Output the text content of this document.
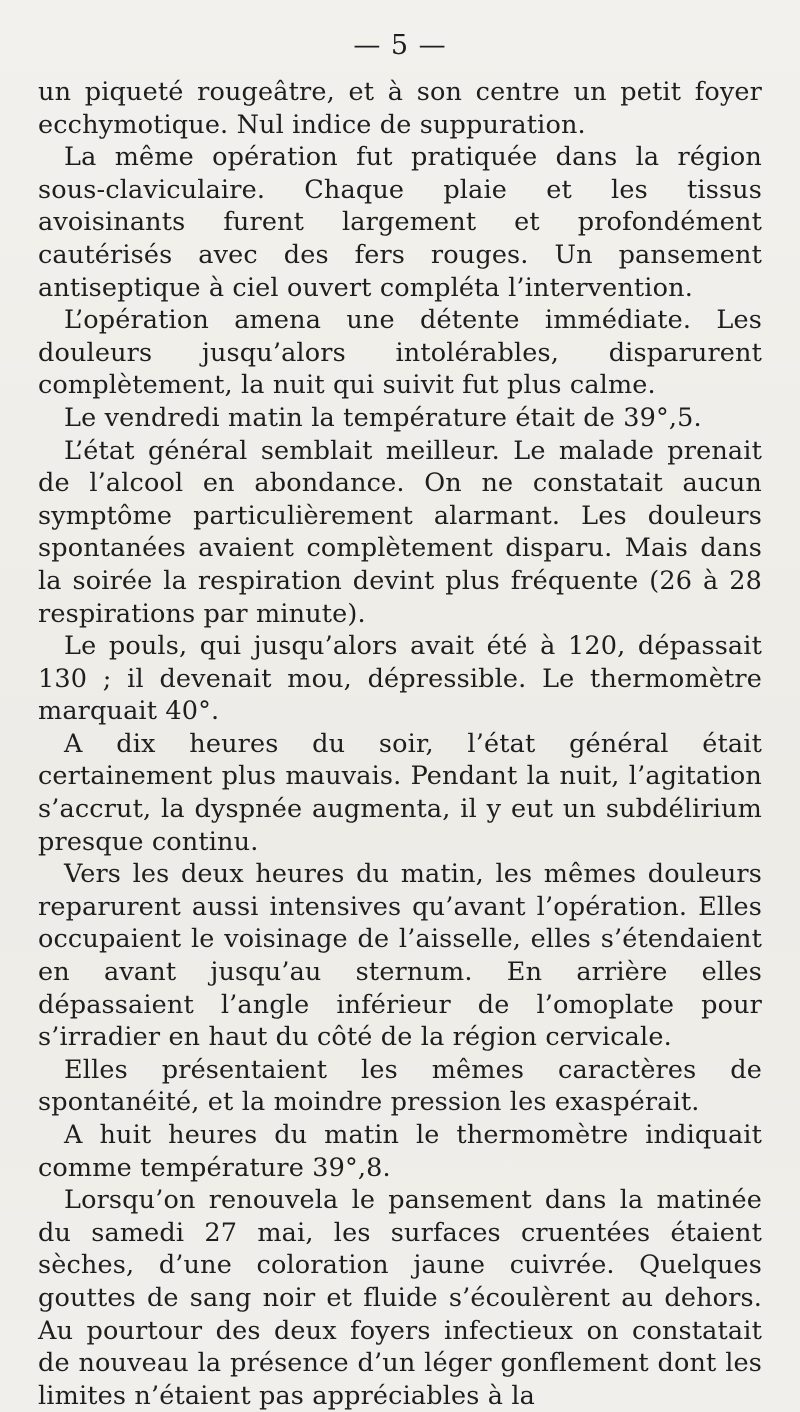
— 5 —

un piqueté rougeâtre, et à son centre un petit foyer ecchymotique. Nul indice de suppuration.

La même opération fut pratiquée dans la région sous-claviculaire. Chaque plaie et les tissus avoisinants furent largement et profondément cautérisés avec des fers rouges. Un pansement antiseptique à ciel ouvert compléta l’intervention.

L’opération amena une détente immédiate. Les douleurs jusqu’alors intolérables, disparurent complètement, la nuit qui suivit fut plus calme.

Le vendredi matin la température était de 39°,5.

L’état général semblait meilleur. Le malade prenait de l’alcool en abondance. On ne constatait aucun symptôme particulièrement alarmant. Les douleurs spontanées avaient complètement disparu. Mais dans la soirée la respiration devint plus fréquente (26 à 28 respirations par minute).

Le pouls, qui jusqu’alors avait été à 120, dépassait 130 ; il devenait mou, dépressible. Le thermomètre marquait 40°.

A dix heures du soir, l’état général était certainement plus mauvais. Pendant la nuit, l’agitation s’accrut, la dyspnée augmenta, il y eut un subdélirium presque continu.

Vers les deux heures du matin, les mêmes douleurs reparurent aussi intensives qu’avant l’opération. Elles occupaient le voisinage de l’aisselle, elles s’étendaient en avant jusqu’au sternum. En arrière elles dépassaient l’angle inférieur de l’omoplate pour s’irradier en haut du côté de la région cervicale.

Elles présentaient les mêmes caractères de spontanéité, et la moindre pression les exaspérait.

A huit heures du matin le thermomètre indiquait comme température 39°,8.

Lorsqu’on renouvela le pansement dans la matinée du samedi 27 mai, les surfaces cruentées étaient sèches, d’une coloration jaune cuivrée. Quelques gouttes de sang noir et fluide s’écoulèrent au dehors. Au pourtour des deux foyers infectieux on constatait de nouveau la présence d’un léger gonflement dont les limites n’étaient pas appréciables à la
